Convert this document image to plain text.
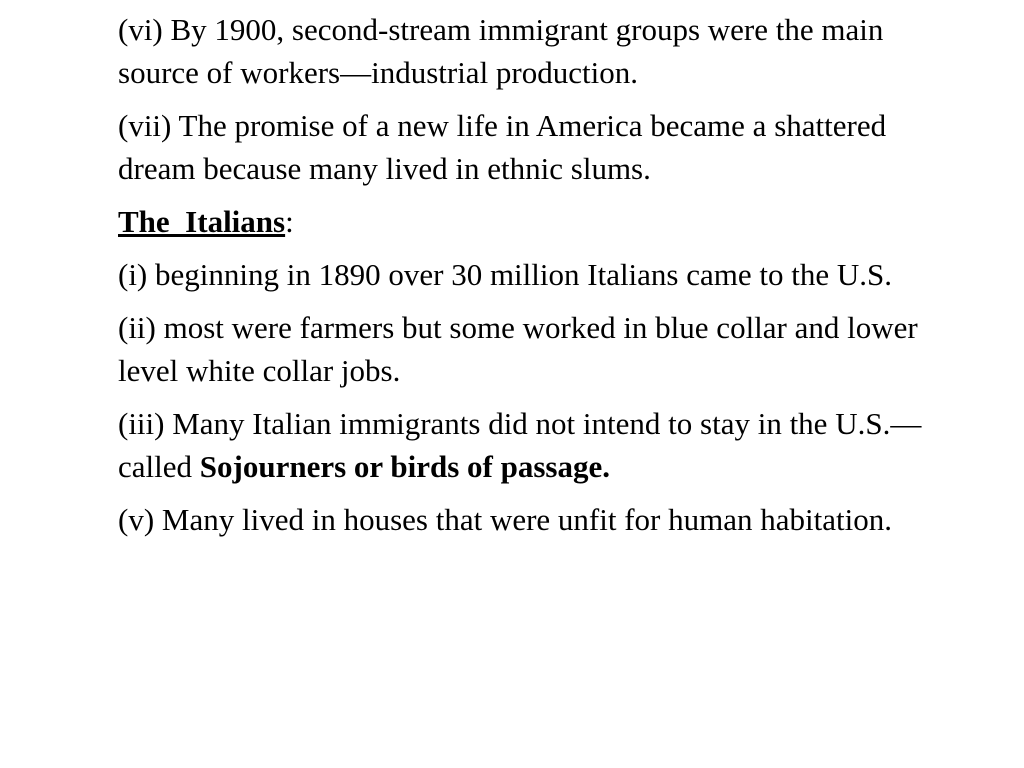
(vi) By 1900, second-stream immigrant groups were the main source of workers—industrial production.

(vii) The promise of a new life in America became a shattered dream because many lived in ethnic slums.

The  Italians:

(i) beginning in 1890 over 30 million Italians came to the U.S.

(ii) most were farmers but some worked in blue collar and lower level white collar jobs.

(iii) Many Italian immigrants did not intend to stay in the U.S.—called Sojourners or birds of passage.

(v) Many lived in houses that were unfit for human habitation.
